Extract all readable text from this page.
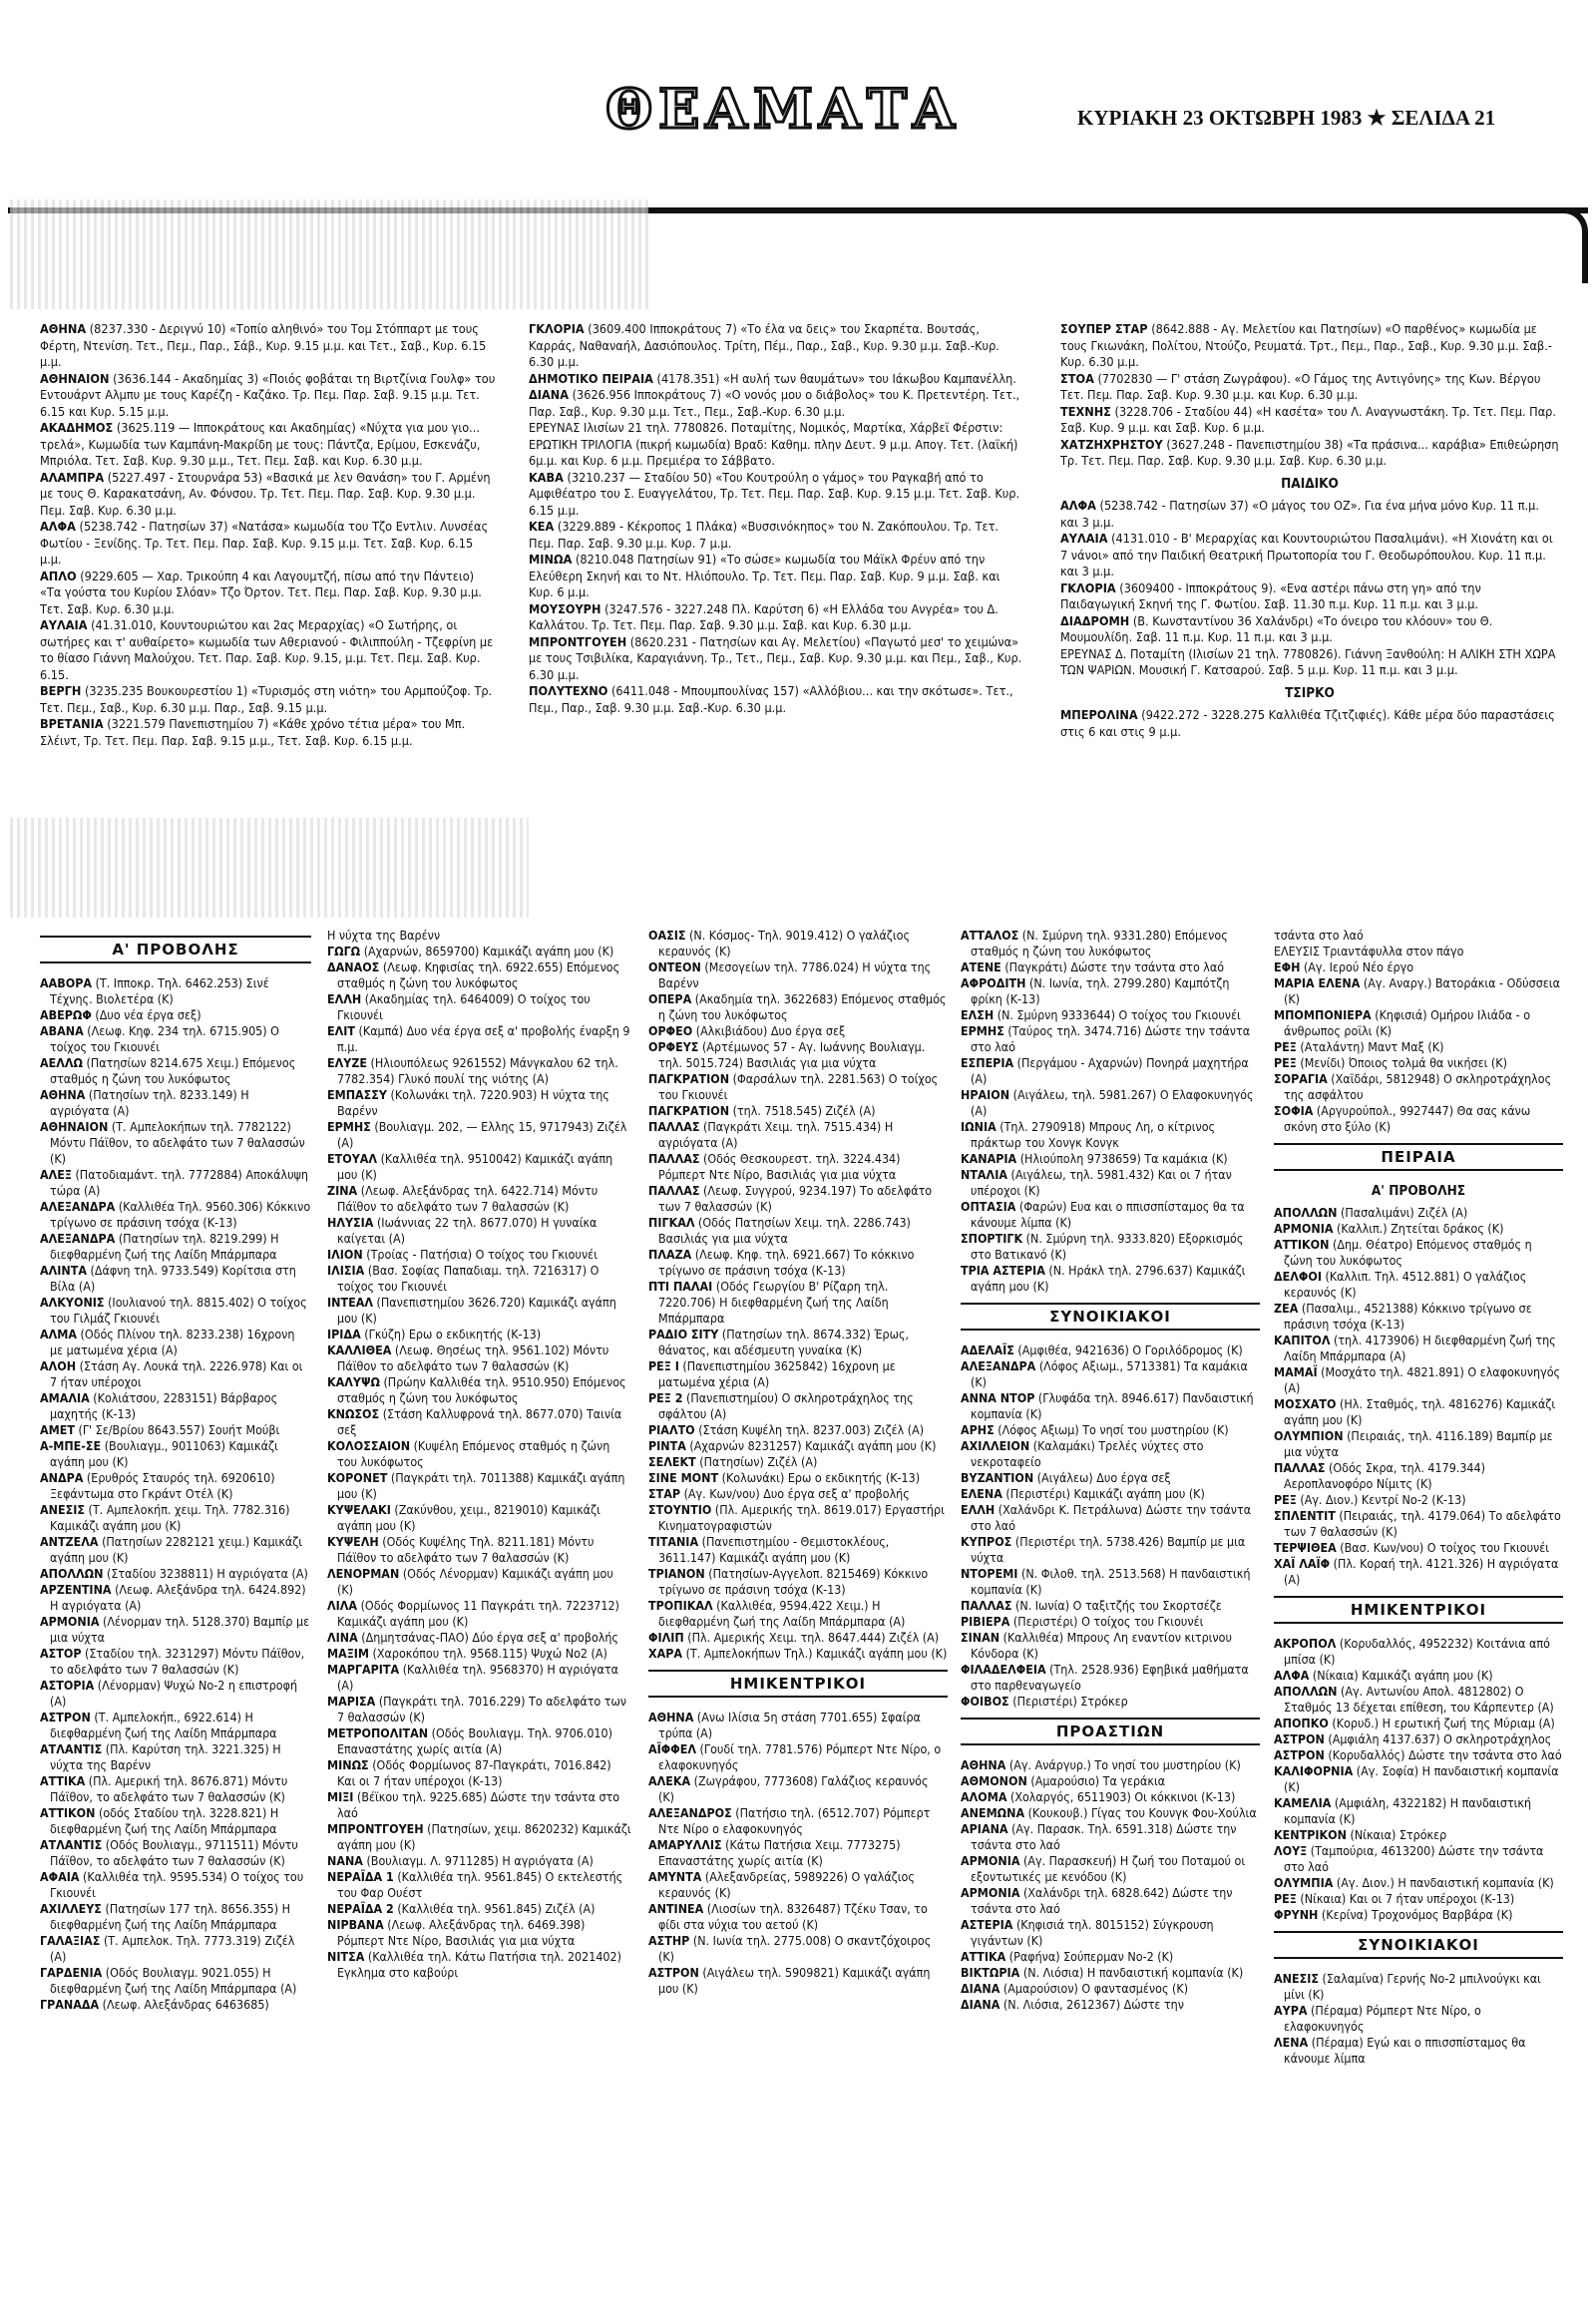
ΘΕΑΜΑΤΑ	ΚΥΡΙΑΚΗ 23 ΟΚΤΩΒΡΗ 1983 ★ ΣΕΛΙΔΑ 21

ΑΘΗΝΑ (8237.330 - Δεριγνύ 10) «Τοπίο αληθινό» του Τομ Στόππαρτ με τους Φέρτη, Ντενίση. Τετ., Πεμ., Παρ., Σάβ., Κυρ. 9.15 μ.μ. και Τετ., Σαβ., Κυρ. 6.15 μ.μ.

ΑΘΗΝΑΙΟΝ (3636.144 - Ακαδημίας 3) «Ποιός φοβάται τη Βιρτζίνια Γουλφ» του Εντουάρντ Αλμπυ με τους Καρέζη - Καζάκο. Τρ. Πεμ. Παρ. Σαβ. 9.15 μ.μ. Τετ. 6.15 και Κυρ. 5.15 μ.μ.

ΑΚΑΔΗΜΟΣ (3625.119 — Ιπποκράτους και Ακαδημίας) «Νύχτα για μου γιο... τρελά», Κωμωδία των Καμπάνη-Μακρίδη με τους: Πάντζα, Ερίμου, Εσκενάζυ, Μπριόλα. Τετ. Σαβ. Κυρ. 9.30 μ.μ., Τετ. Πεμ. Σαβ. και Κυρ. 6.30 μ.μ.

ΑΛΑΜΠΡΑ (5227.497 - Στουρνάρα 53) «Βασικά με λεν Θανάση» του Γ. Αρμένη με τους Θ. Καρακατσάνη, Αν. Φόνσου. Τρ. Τετ. Πεμ. Παρ. Σαβ. Κυρ. 9.30 μ.μ. Πεμ. Σαβ. Κυρ. 6.30 μ.μ.

ΑΛΦΑ (5238.742 - Πατησίων 37) «Νατάσα» κωμωδία του Τζο Εντλιν. Λυνσέας Φωτίου - Ξενίδης. Τρ. Τετ. Πεμ. Παρ. Σαβ. Κυρ. 9.15 μ.μ. Τετ. Σαβ. Κυρ. 6.15 μ.μ.

ΑΠΛΟ (9229.605 — Χαρ. Τρικούπη 4 και Λαγουμτζή, πίσω από την Πάντειο) «Τα γούστα του Κυρίου Σλόαν» Τζο Όρτον. Τετ. Πεμ. Παρ. Σαβ. Κυρ. 9.30 μ.μ. Τετ. Σαβ. Κυρ. 6.30 μ.μ.

ΑΥΛΑΙΑ (41.31.010, Κουντουριώτου και 2ας Μεραρχίας) «Ο Σωτήρης, οι σωτήρες και τ' αυθαίρετο» κωμωδία των Αθεριανού - Φιλιππούλη - Τζεφρίνη με το θίασο Γιάννη Μαλούχου. Τετ. Παρ. Σαβ. Κυρ. 9.15, μ.μ. Τετ. Πεμ. Σαβ. Κυρ. 6.15.

ΒΕΡΓΗ (3235.235 Βουκουρεστίου 1) «Τυρισμός στη νιότη» του Αρμπούζοφ. Τρ. Τετ. Πεμ., Σαβ., Κυρ. 6.30 μ.μ. Παρ., Σαβ. 9.15 μ.μ.

ΒΡΕΤΑΝΙΑ (3221.579 Πανεπιστημίου 7) «Κάθε χρόνο τέτια μέρα» του Μπ. Σλέιντ, Τρ. Τετ. Πεμ. Παρ. Σαβ. 9.15 μ.μ., Τετ. Σαβ. Κυρ. 6.15 μ.μ.

ΓΚΛΟΡΙΑ (3609.400 Ιπποκράτους 7) «Το έλα να δεις» του Σκαρπέτα. Βουτσάς, Καρράς, Ναθαναήλ, Δασιόπουλος. Τρίτη, Πέμ., Παρ., Σαβ., Κυρ. 9.30 μ.μ. Σαβ.-Κυρ. 6.30 μ.μ.

ΔΗΜΟΤΙΚΟ ΠΕΙΡΑΙΑ (4178.351) «Η αυλή των θαυμάτων» του Ιάκωβου Καμπανέλλη.

ΔΙΑΝΑ (3626.956 Ιπποκράτους 7) «Ο νονός μου ο διάβολος» του Κ. Πρετεντέρη. Τετ., Παρ. Σαβ., Κυρ. 9.30 μ.μ. Τετ., Πεμ., Σαβ.-Κυρ. 6.30 μ.μ.

ΕΡΕΥΝΑΣ Ιλισίων 21 τηλ. 7780826. Ποταμίτης, Νομικός, Μαρτίκα, Χάρβεϊ Φέρστιν: ΕΡΩΤΙΚΗ ΤΡΙΛΟΓΙΑ (πικρή κωμωδία) Βραδ: Καθημ. πλην Δευτ. 9 μ.μ. Απογ. Τετ. (λαϊκή) 6μ.μ. και Κυρ. 6 μ.μ. Πρεμιέρα το Σάββατο.

ΚΑΒΑ (3210.237 — Σταδίου 50) «Του Κουτρούλη ο γάμος» του Ραγκαβή από το Αμφιθέατρο του Σ. Ευαγγελάτου, Τρ. Τετ. Πεμ. Παρ. Σαβ. Κυρ. 9.15 μ.μ. Τετ. Σαβ. Κυρ. 6.15 μ.μ.

ΚΕΑ (3229.889 - Κέκροπος 1 Πλάκα) «Βυσσινόκηπος» του Ν. Ζακόπουλου. Τρ. Τετ. Πεμ. Παρ. Σαβ. 9.30 μ.μ. Κυρ. 7 μ.μ.

ΜΙΝΩΑ (8210.048 Πατησίων 91) «Το σώσε» κωμωδία του Μάϊκλ Φρέυν από την Ελεύθερη Σκηνή και το Ντ. Ηλιόπουλο. Τρ. Τετ. Πεμ. Παρ. Σαβ. Κυρ. 9 μ.μ. Σαβ. και Κυρ. 6 μ.μ.

ΜΟΥΣΟΥΡΗ (3247.576 - 3227.248 Πλ. Καρύτση 6) «Η Ελλάδα του Ανγρέα» του Δ. Καλλάτου. Τρ. Τετ. Πεμ. Παρ. Σαβ. 9.30 μ.μ. Σαβ. και Κυρ. 6.30 μ.μ.

ΜΠΡΟΝΤΓΟΥΕΗ (8620.231 - Πατησίων και Αγ. Μελετίου) «Παγωτό μεσ' το χειμώνα» με τους Τσιβιλίκα, Καραγιάννη. Τρ., Τετ., Πεμ., Σαβ. Κυρ. 9.30 μ.μ. και Πεμ., Σαβ., Κυρ. 6.30 μ.μ.

ΠΟΛΥΤΕΧΝΟ (6411.048 - Μπουμπουλίνας 157) «Αλλόβιου... και την σκότωσε». Τετ., Πεμ., Παρ., Σαβ. 9.30 μ.μ. Σαβ.-Κυρ. 6.30 μ.μ.

ΣΟΥΠΕΡ ΣΤΑΡ (8642.888 - Αγ. Μελετίου και Πατησίων) «Ο παρθένος» κωμωδία με τους Γκιωνάκη, Πολίτου, Ντούζο, Ρευματά. Τρτ., Πεμ., Παρ., Σαβ., Κυρ. 9.30 μ.μ. Σαβ.-Κυρ. 6.30 μ.μ.

ΣΤΟΑ (7702830 — Γ' στάση Ζωγράφου). «Ο Γάμος της Αντιγόνης» της Κων. Βέργου Τετ. Πεμ. Παρ. Σαβ. Κυρ. 9.30 μ.μ. και Κυρ. 6.30 μ.μ.

ΤΕΧΝΗΣ (3228.706 - Σταδίου 44) «Η κασέτα» του Λ. Αναγνωστάκη. Τρ. Τετ. Πεμ. Παρ. Σαβ. Κυρ. 9 μ.μ. και Σαβ. Κυρ. 6 μ.μ.

ΧΑΤΖΗΧΡΗΣΤΟΥ (3627.248 - Πανεπιστημίου 38) «Τα πράσινα... καράβια» Επιθεώρηση Τρ. Τετ. Πεμ. Παρ. Σαβ. Κυρ. 9.30 μ.μ. Σαβ. Κυρ. 6.30 μ.μ.

ΠΑΙΔΙΚΟ

ΑΛΦΑ (5238.742 - Πατησίων 37) «Ο μάγος του ΟΖ». Για ένα μήνα μόνο Κυρ. 11 π.μ. και 3 μ.μ.

ΑΥΛΑΙΑ (4131.010 - Β' Μεραρχίας και Κουντουριώτου Πασαλιμάνι). «Η Χιονάτη και οι 7 νάνοι» από την Παιδική Θεατρική Πρωτοπορία του Γ. Θεοδωρόπουλου. Κυρ. 11 π.μ. και 3 μ.μ.

ΓΚΛΟΡΙΑ (3609400 - Ιπποκράτους 9). «Ενα αστέρι πάνω στη γη» από την Παιδαγωγική Σκηνή της Γ. Φωτίου. Σαβ. 11.30 π.μ. Κυρ. 11 π.μ. και 3 μ.μ.

ΔΙΑΔΡΟΜΗ (Β. Κωνσταντίνου 36 Χαλάνδρι) «Το όνειρο του κλόουν» του Θ. Μουμουλίδη. Σαβ. 11 π.μ. Κυρ. 11 π.μ. και 3 μ.μ.

ΕΡΕΥΝΑΣ Δ. Ποταμίτη (Ιλισίων 21 τηλ. 7780826). Γιάννη Ξανθούλη: Η ΑΛΙΚΗ ΣΤΗ ΧΩΡΑ ΤΩΝ ΨΑΡΙΩΝ. Μουσική Γ. Κατσαρού. Σαβ. 5 μ.μ. Κυρ. 11 π.μ. και 3 μ.μ.

ΤΣΙΡΚΟ

ΜΠΕΡΟΛΙΝΑ (9422.272 - 3228.275 Καλλιθέα Τζιτζιφιές). Κάθε μέρα δύο παραστάσεις στις 6 και στις 9 μ.μ.

Α' ΠΡΟΒΟΛΗΣ

ΑΑΒΟΡΑ (Τ. Ιπποκρ. Τηλ. 6462.253) Σινέ Τέχνης. Βιολετέρα (Κ)

ΑΒΕΡΩΦ (Δυο νέα έργα σεξ)

ΑΒΑΝΑ (Λεωφ. Κηφ. 234 τηλ. 6715.905) Ο τοίχος του Γκιουνέι

ΑΕΛΛΩ (Πατησίων 8214.675 Χειμ.) Επόμενος σταθμός η ζώνη του λυκόφωτος

ΑΘΗΝΑ (Πατησίων τηλ. 8233.149) Η αγριόγατα (Α)

ΑΘΗΝΑΙΟΝ (Τ. Αμπελοκήπων τηλ. 7782122) Μόντυ Πάϊθον, το αδελφάτο των 7 θαλασσών (Κ)

ΑΛΕΞ (Πατοδιαμάντ. τηλ. 7772884) Αποκάλυψη τώρα (Α)

ΑΛΕΞΑΝΔΡΑ (Καλλιθέα Τηλ. 9560.306) Κόκκινο τρίγωνο σε πράσινη τσόχα (Κ-13)

ΑΛΕΞΑΝΔΡΑ (Πατησίων τηλ. 8219.299) Η διεφθαρμένη ζωή της Λαίδη Μπάρμπαρα

ΑΛΙΝΤΑ (Δάφνη τηλ. 9733.549) Κορίτσια στη Βίλα (Α)

ΑΛΚΥΟΝΙΣ (Ιουλιανού τηλ. 8815.402) Ο τοίχος του Γιλμάζ Γκιουνέι

ΑΛΜΑ (Οδός Πλίνου τηλ. 8233.238) 16χρονη με ματωμένα χέρια (Α)

ΑΛΟΗ (Στάση Αγ. Λουκά τηλ. 2226.978) Και οι 7 ήταν υπέροχοι

ΑΜΑΛΙΑ (Κολιάτσου, 2283151) Βάρβαρος μαχητής (Κ-13)

ΑΜΕΤ (Γ' Σε/Βρίου 8643.557) Σουήτ Μούβι

Α-ΜΠΕ-ΣΕ (Βουλιαγμ., 9011063) Καμικάζι αγάπη μου (Κ)

ΑΝΔΡΑ (Ερυθρός Σταυρός τηλ. 6920610) Ξεφάντωμα στο Γκράντ Οτέλ (Κ)

ΑΝΕΣΙΣ (Τ. Αμπελοκήπ. χειμ. Τηλ. 7782.316) Καμικάζι αγάπη μου (Κ)

ΑΝΤΖΕΛΑ (Πατησίων 2282121 χειμ.) Καμικάζι αγάπη μου (Κ)

ΑΠΟΛΛΩΝ (Σταδίου 3238811) Η αγριόγατα (Α)

ΑΡΖΕΝΤΙΝΑ (Λεωφ. Αλεξάνδρα τηλ. 6424.892) Η αγριόγατα (Α)

ΑΡΜΟΝΙΑ (Λένορμαν τηλ. 5128.370) Βαμπίρ με μια νύχτα

ΑΣΤΟΡ (Σταδίου τηλ. 3231297) Μόντυ Πάϊθον, το αδελφάτο των 7 θαλασσών (Κ)

ΑΣΤΟΡΙΑ (Λένορμαν) Ψυχώ Νο-2 η επιστροφή (Α)

ΑΣΤΡΟΝ (Τ. Αμπελοκήπ., 6922.614) Η διεφθαρμένη ζωή της Λαίδη Μπάρμπαρα

ΑΤΛΑΝΤΙΣ (Πλ. Καρύτση τηλ. 3221.325) Η νύχτα της Βαρένν

ΑΤΤΙΚΑ (Πλ. Αμερική τηλ. 8676.871) Μόντυ Πάϊθον, το αδελφάτο των 7 θαλασσών (Κ)

ΑΤΤΙΚΟΝ (οδός Σταδίου τηλ. 3228.821) Η διεφθαρμένη ζωή της Λαίδη Μπάρμπαρα

ΑΤΛΑΝΤΙΣ (Οδός Βουλιαγμ., 9711511) Μόντυ Πάϊθον, το αδελφάτο των 7 θαλασσών (Κ)

ΑΦΑΙΑ (Καλλιθέα τηλ. 9595.534) Ο τοίχος του Γκιουνέι

ΑΧΙΛΛΕΥΣ (Πατησίων 177 τηλ. 8656.355) Η διεφθαρμένη ζωή της Λαίδη Μπάρμπαρα

ΓΑΛΑΞΙΑΣ (Τ. Αμπελοκ. Τηλ. 7773.319) Ζιζέλ (Α)

ΓΑΡΔΕΝΙΑ (Οδός Βουλιαγμ. 9021.055) Η διεφθαρμένη ζωή της Λαίδη Μπάρμπαρα (Α)

ΓΡΑΝΑΔΑ (Λεωφ. Αλεξάνδρας 6463685)

Η νύχτα της Βαρένν

ΓΩΓΩ (Αχαρνών, 8659700) Καμικάζι αγάπη μου (Κ)

ΔΑΝΑΟΣ (Λεωφ. Κηφισίας τηλ. 6922.655) Επόμενος σταθμός η ζώνη του λυκόφωτος

ΕΛΛΗ (Ακαδημίας τηλ. 6464009) Ο τοίχος του Γκιουνέι

ΕΛΙΤ (Καμπά) Δυο νέα έργα σεξ α' προβολής έναρξη 9 π.μ.

ΕΛΥΖΕ (Ηλιουπόλεως 9261552) Μάνγκαλου 62 τηλ. 7782.354) Γλυκό πουλί της νιότης (Α)

ΕΜΠΑΣΣΥ (Κολωνάκι τηλ. 7220.903) Η νύχτα της Βαρένν

ΕΡΜΗΣ (Βουλιαγμ. 202, — Ελλης 15, 9717943) Ζιζέλ (Α)

ΕΤΟΥΑΛ (Καλλιθέα τηλ. 9510042) Καμικάζι αγάπη μου (Κ)

ΖΙΝΑ (Λεωφ. Αλεξάνδρας τηλ. 6422.714) Μόντυ Πάϊθον το αδελφάτο των 7 θαλασσών (Κ)

ΗΛΥΣΙΑ (Ιωάννιας 22 τηλ. 8677.070) Η γυναίκα καίγεται (Α)

ΙΛΙΟΝ (Τροίας - Πατήσια) Ο τοίχος του Γκιουνέι

ΙΛΙΣΙΑ (Βασ. Σοφίας Παπαδιαμ. τηλ. 7216317) Ο τοίχος του Γκιουνέι

ΙΝΤΕΑΛ (Πανεπιστημίου 3626.720) Καμικάζι αγάπη μου (Κ)

ΙΡΙΔΑ (Γκύζη) Ερω ο εκδικητής (Κ-13)

ΚΑΛΛΙΘΕΑ (Λεωφ. Θησέως τηλ. 9561.102) Μόντυ Πάϊθον το αδελφάτο των 7 θαλασσών (Κ)

ΚΑΛΥΨΩ (Πρώην Καλλιθέα τηλ. 9510.950) Επόμενος σταθμός η ζώνη του λυκόφωτος

ΚΝΩΣΟΣ (Στάση Καλλυφρονά τηλ. 8677.070) Ταινία σεξ

ΚΟΛΟΣΣΑΙΟΝ (Κυψέλη Επόμενος σταθμός η ζώνη του λυκόφωτος

ΚΟΡΟΝΕΤ (Παγκράτι τηλ. 7011388) Καμικάζι αγάπη μου (Κ)

ΚΥΨΕΛΑΚΙ (Ζακύνθου, χειμ., 8219010) Καμικάζι αγάπη μου (Κ)

ΚΥΨΕΛΗ (Οδός Κυψέλης Τηλ. 8211.181) Μόντυ Πάϊθον το αδελφάτο των 7 θαλασσών (Κ)

ΛΕΝΟΡΜΑΝ (Οδός Λένορμαν) Καμικάζι αγάπη μου (Κ)

ΛΙΛΑ (Οδός Φορμίωνος 11 Παγκράτι τηλ. 7223712) Καμικάζι αγάπη μου (Κ)

ΛΙΝΑ (Δημητσάνας-ΠΑΟ) Δύο έργα σεξ α' προβολής

ΜΑΞΙΜ (Χαροκόπου τηλ. 9568.115) Ψυχώ Νο2 (Α)

ΜΑΡΓΑΡΙΤΑ (Καλλιθέα τηλ. 9568370) Η αγριόγατα (Α)

ΜΑΡΙΣΑ (Παγκράτι τηλ. 7016.229) Το αδελφάτο των 7 θαλασσών (Κ)

ΜΕΤΡΟΠΟΛΙΤΑΝ (Οδός Βουλιαγμ. Τηλ. 9706.010) Επαναστάτης χωρίς αιτία (Α)

ΜΙΝΩΣ (Οδός Φορμίωνος 87-Παγκράτι, 7016.842) Και οι 7 ήταν υπέροχοι (Κ-13)

ΜΙΞΙ (Βέϊκου τηλ. 9225.685) Δώστε την τσάντα στο λαό

ΜΠΡΟΝΤΓΟΥΕΗ (Πατησίων, χειμ. 8620232) Καμικάζι αγάπη μου (Κ)

ΝΑΝΑ (Βουλιαγμ. Λ. 9711285) Η αγριόγατα (Α)

ΝΕΡΑΪΔΑ 1 (Καλλιθέα τηλ. 9561.845) Ο εκτελεστής του Φαρ Ουέστ

ΝΕΡΑΪΔΑ 2 (Καλλιθέα τηλ. 9561.845) Ζιζέλ (Α)

ΝΙΡΒΑΝΑ (Λεωφ. Αλεξάνδρας τηλ. 6469.398) Ρόμπερτ Ντε Νίρο, Βασιλιάς για μια νύχτα

ΝΙΤΣΑ (Καλλιθέα τηλ. Κάτω Πατήσια τηλ. 2021402) Εγκλημα στο καβούρι

ΟΑΣΙΣ (Ν. Κόσμος- Τηλ. 9019.412) Ο γαλάζιος κεραυνός (Κ)

ΟΝΤΕΟΝ (Μεσογείων τηλ. 7786.024) Η νύχτα της Βαρένν

ΟΠΕΡΑ (Ακαδημία τηλ. 3622683) Επόμενος σταθμός η ζώνη του λυκόφωτος

ΟΡΦΕΟ (Αλκιβιάδου) Δυο έργα σεξ

ΟΡΦΕΥΣ (Αρτέμωνος 57 - Αγ. Ιωάννης Βουλιαγμ. τηλ. 5015.724) Βασιλιάς για μια νύχτα

ΠΑΓΚΡΑΤΙΟΝ (Φαρσάλων τηλ. 2281.563) Ο τοίχος του Γκιουνέι

ΠΑΓΚΡΑΤΙΟΝ (τηλ. 7518.545) Ζιζέλ (Α)

ΠΑΛΛΑΣ (Παγκράτι Χειμ. τηλ. 7515.434) Η αγριόγατα (Α)

ΠΑΛΛΑΣ (Οδός Θεσκουρεστ. τηλ. 3224.434) Ρόμπερτ Ντε Νίρο, Βασιλιάς για μια νύχτα

ΠΑΛΛΑΣ (Λεωφ. Συγγρού, 9234.197) Το αδελφάτο των 7 θαλασσών (Κ)

ΠΙΓΚΑΛ (Οδός Πατησίων Χειμ. τηλ. 2286.743) Βασιλιάς για μια νύχτα

ΠΛΑΖΑ (Λεωφ. Κηφ. τηλ. 6921.667) Το κόκκινο τρίγωνο σε πράσινη τσόχα (Κ-13)

ΠΤΙ ΠΑΛΑΙ (Οδός Γεωργίου Β' Ρίζαρη τηλ. 7220.706) Η διεφθαρμένη ζωή της Λαίδη Μπάρμπαρα

ΡΑΔΙΟ ΣΙΤΥ (Πατησίων τηλ. 8674.332) Έρως, θάνατος, και αδέσμευτη γυναίκα (Κ)

ΡΕΞ Ι (Πανεπιστημίου 3625842) 16χρονη με ματωμένα χέρια (Α)

ΡΕΞ 2 (Πανεπιστημίου) Ο σκληροτράχηλος της σφάλτου (Α)

ΡΙΑΛΤΟ (Στάση Κυψέλη τηλ. 8237.003) Ζιζέλ (Α)

ΡΙΝΤΑ (Αχαρνών 8231257) Καμικάζι αγάπη μου (Κ)

ΣΕΛΕΚΤ (Πατησίων) Ζιζέλ (Α)

ΣΙΝΕ ΜΟΝΤ (Κολωνάκι) Ερω ο εκδικητής (Κ-13)

ΣΤΑΡ (Αγ. Κων/νου) Δυο έργα σεξ α' προβολής

ΣΤΟΥΝΤΙΟ (Πλ. Αμερικής τηλ. 8619.017) Εργαστήρι Κινηματογραφιστών

ΤΙΤΑΝΙΑ (Πανεπιστημίου - Θεμιστοκλέους, 3611.147) Καμικάζι αγάπη μου (Κ)

ΤΡΙΑΝΟΝ (Πατησίων-Αγγελοπ. 8215469) Κόκκινο τρίγωνο σε πράσινη τσόχα (Κ-13)

ΤΡΟΠΙΚΑΛ (Καλλιθέα, 9594.422 Χειμ.) Η διεφθαρμένη ζωή της Λαίδη Μπάρμπαρα (Α)

ΦΙΛΙΠ (Πλ. Αμερικής Χειμ. τηλ. 8647.444) Ζιζέλ (Α)

ΧΑΡΑ (Τ. Αμπελοκήπων Τηλ.) Καμικάζι αγάπη μου (Κ)

ΗΜΙΚΕΝΤΡΙΚΟΙ

ΑΘΗΝΑ (Ανω Ιλίσια 5η στάση 7701.655) Σφαίρα τρύπα (Α)

ΑΪΦΦΕΛ (Γουδί τηλ. 7781.576) Ρόμπερτ Ντε Νίρο, ο ελαφοκυνηγός

ΑΛΕΚΑ (Ζωγράφου, 7773608) Γαλάζιος κεραυνός (Κ)

ΑΛΕΞΑΝΔΡΟΣ (Πατήσιο τηλ. (6512.707) Ρόμπερτ Ντε Νίρο ο ελαφοκυνηγός

ΑΜΑΡΥΛΛΙΣ (Κάτω Πατήσια Χειμ. 7773275) Επαναστάτης χωρίς αιτία (Κ)

ΑΜΥΝΤΑ (Αλεξανδρείας, 5989226) Ο γαλάζιος κεραυνός (Κ)

ΑΝΤΙΝΕΑ (Λιοσίων τηλ. 8326487) Τζέκυ Τσαν, το φίδι στα νύχια του αετού (Κ)

ΑΣΤΗΡ (Ν. Ιωνία τηλ. 2775.008) Ο σκαντζόχοιρος (Κ)

ΑΣΤΡΟΝ (Αιγάλεω τηλ. 5909821) Καμικάζι αγάπη μου (Κ)

ΑΤΤΑΛΟΣ (Ν. Σμύρνη τηλ. 9331.280) Επόμενος σταθμός η ζώνη του λυκόφωτος

ΑΤΕΝΕ (Παγκράτι) Δώστε την τσάντα στο λαό

ΑΦΡΟΔΙΤΗ (Ν. Ιωνία, τηλ. 2799.280) Καμπότζη φρίκη (Κ-13)

ΕΛΣΗ (Ν. Σμύρνη 9333644) Ο τοίχος του Γκιουνέι

ΕΡΜΗΣ (Ταύρος τηλ. 3474.716) Δώστε την τσάντα στο λαό

ΕΣΠΕΡΙΑ (Περγάμου - Αχαρνών) Πονηρά μαχητήρα (Α)

ΗΡΑΙΟΝ (Αιγάλεω, τηλ. 5981.267) Ο Ελαφοκυνηγός (Α)

ΙΩΝΙΑ (Τηλ. 2790918) Μπρους Λη, ο κίτρινος πράκτωρ του Χονγκ Κονγκ

ΚΑΝΑΡΙΑ (Ηλιούπολη 9738659) Τα καμάκια (Κ)

ΝΤΑΛΙΑ (Αιγάλεω, τηλ. 5981.432) Και οι 7 ήταν υπέροχοι (Κ)

ΟΠΤΑΣΙΑ (Φαρών) Ευα και ο ππισσπίσταμος θα τα κάνουμε λίμπα (Κ)

ΣΠΟΡΤΙΓΚ (Ν. Σμύρνη τηλ. 9333.820) Εξορκισμός στο Βατικανό (Κ)

ΤΡΙΑ ΑΣΤΕΡΙΑ (Ν. Ηράκλ τηλ. 2796.637) Καμικάζι αγάπη μου (Κ)

ΣΥΝΟΙΚΙΑΚΟΙ

ΑΔΕΛΑΪΣ (Αμφιθέα, 9421636) Ο Γοριλόδρομος (Κ)

ΑΛΕΞΑΝΔΡΑ (Λόφος Αξιωμ., 5713381) Τα καμάκια (Κ)

ΑΝΝΑ ΝΤΟΡ (Γλυφάδα τηλ. 8946.617) Πανδαιστική κομπανία (Κ)

ΑΡΗΣ (Λόφος Αξιωμ) Το νησί του μυστηρίου (Κ)

ΑΧΙΛΛΕΙΟΝ (Καλαμάκι) Τρελές νύχτες στο νεκροταφείο

ΒΥΖΑΝΤΙΟΝ (Αιγάλεω) Δυο έργα σεξ

ΕΛΕΝΑ (Περιστέρι) Καμικάζι αγάπη μου (Κ)

ΕΛΛΗ (Χαλάνδρι Κ. Πετράλωνα) Δώστε την τσάντα στο λαό

ΚΥΠΡΟΣ (Περιστέρι τηλ. 5738.426) Βαμπίρ με μια νύχτα

ΝΤΟΡΕΜΙ (Ν. Φιλοθ. τηλ. 2513.568) Η πανδαιστική κομπανία (Κ)

ΠΑΛΛΑΣ (Ν. Ιωνία) Ο ταξιτζής του Σκορτσέζε

ΡΙΒΙΕΡΑ (Περιστέρι) Ο τοίχος του Γκιουνέι

ΣΙΝΑΝ (Καλλιθέα) Μπρους Λη εναντίον κιτρινου Κόνδορα (Κ)

ΦΙΛΑΔΕΛΦΕΙΑ (Τηλ. 2528.936) Εφηβικά μαθήματα στο παρθεναγωγείο

ΦΟΙΒΟΣ (Περιστέρι) Στρόκερ

ΠΡΟΑΣΤΙΩΝ

ΑΘΗΝΑ (Αγ. Ανάργυρ.) Το νησί του μυστηρίου (Κ)

ΑΘΜΟΝΟΝ (Αμαρούσιο) Τα γεράκια

ΑΛΟΜΑ (Χολαργός, 6511903) Οι κόκκινοι (Κ-13)

ΑΝΕΜΩΝΑ (Κουκουβ.) Γίγας του Κουνγκ Φου-Χούλια

ΑΡΙΑΝΑ (Αγ. Παρασκ. Τηλ. 6591.318) Δώστε την τσάντα στο λαό

ΑΡΜΟΝΙΑ (Αγ. Παρασκευή) Η ζωή του Ποταμού οι εξοντωτικές με κενόδου (Κ)

ΑΡΜΟΝΙΑ (Χαλάνδρι τηλ. 6828.642) Δώστε την τσάντα στο λαό

ΑΣΤΕΡΙΑ (Κηφισιά τηλ. 8015152) Σύγκρουση γιγάντων (Κ)

ΑΤΤΙΚΑ (Ραφήνα) Σούπερμαν Νο-2 (Κ)

ΒΙΚΤΩΡΙΑ (Ν. Λιόσια) Η πανδαιστική κομπανία (Κ)

ΔΙΑΝΑ (Αμαρούσιον) Ο φαντασμένος (Κ)

ΔΙΑΝΑ (Ν. Λιόσια, 2612367) Δώστε την

τσάντα στο λαό

ΕΛΕΥΣΙΣ Τριαντάφυλλα στον πάγο

ΕΦΗ (Αγ. Ιερού Νέο έργο

ΜΑΡΙΑ ΕΛΕΝΑ (Αγ. Αναργ.) Βατοράκια - Οδύσσεια (Κ)

ΜΠΟΜΠΟΝΙΕΡΑ (Κηφισιά) Ομήρου Ιλιάδα - ο άνθρωπος ροϊλι (Κ)

ΡΕΞ (Αταλάντη) Μαντ Μαξ (Κ)

ΡΕΞ (Μενίδι) Όποιος τολμά θα νικήσει (Κ)

ΣΟΡΑΓΙΑ (Χαϊδάρι, 5812948) Ο σκληροτράχηλος της ασφάλτου

ΣΟΦΙΑ (Αργυρούπολ., 9927447) Θα σας κάνω σκόνη στο ξύλο (Κ)

ΠΕΙΡΑΙΑ
Α' ΠΡΟΒΟΛΗΣ

ΑΠΟΛΛΩΝ (Πασαλιμάνι) Ζιζέλ (Α)

ΑΡΜΟΝΙΑ (Καλλιπ.) Ζητείται δράκος (Κ)

ΑΤΤΙΚΟΝ (Δημ. Θέατρο) Επόμενος σταθμός η ζώνη του λυκόφωτος

ΔΕΛΦΟΙ (Καλλιπ. Τηλ. 4512.881) Ο γαλάζιος κεραυνός (Κ)

ΖΕΑ (Πασαλιμ., 4521388) Κόκκινο τρίγωνο σε πράσινη τσόχα (Κ-13)

ΚΑΠΙΤΟΛ (τηλ. 4173906) Η διεφθαρμένη ζωή της Λαίδη Μπάρμπαρα (Α)

ΜΑΜΑΪ (Μοσχάτο τηλ. 4821.891) Ο ελαφοκυνηγός (Α)

ΜΟΣΧΑΤΟ (Ηλ. Σταθμός, τηλ. 4816276) Καμικάζι αγάπη μου (Κ)

ΟΛΥΜΠΙΟΝ (Πειραιάς, τηλ. 4116.189) Βαμπίρ με μια νύχτα

ΠΑΛΛΑΣ (Οδός Σκρα, τηλ. 4179.344) Αεροπλανοφόρο Νίμιτς (Κ)

ΡΕΞ (Αγ. Διον.) Κεντρί Νο-2 (Κ-13)

ΣΠΛΕΝΤΙΤ (Πειραιάς, τηλ. 4179.064) Το αδελφάτο των 7 θαλασσών (Κ)

ΤΕΡΨΙΘΕΑ (Βασ. Κων/νου) Ο τοίχος του Γκιουνέι

ΧΑΪ ΛΑΪΦ (Πλ. Κοραή τηλ. 4121.326) Η αγριόγατα (Α)

ΗΜΙΚΕΝΤΡΙΚΟΙ

ΑΚΡΟΠΟΛ (Κορυδαλλός, 4952232) Κοιτάνια από μπίσα (Κ)

ΑΛΦΑ (Νίκαια) Καμικάζι αγάπη μου (Κ)

ΑΠΟΛΛΩΝ (Αγ. Αντωνίου Απολ. 4812802) Ο Σταθμός 13 δέχεται επίθεση, του Κάρπεντερ (Α)

ΑΠΟΠΚΟ (Κορυδ.) Η ερωτική ζωή της Μύριαμ (Α)

ΑΣΤΡΟΝ (Αμφιάλη 4137.637) Ο σκληροτράχηλος

ΑΣΤΡΟΝ (Κορυδαλλός) Δώστε την τσάντα στο λαό

ΚΑΛΙΦΟΡΝΙΑ (Αγ. Σοφία) Η πανδαιστική κομπανία (Κ)

ΚΑΜΕΛΙΑ (Αμφιάλη, 4322182) Η πανδαιστική κομπανία (Κ)

ΚΕΝΤΡΙΚΟΝ (Νίκαια) Στρόκερ

ΛΟΥΞ (Ταμπούρια, 4613200) Δώστε την τσάντα στο λαό

ΟΛΥΜΠΙΑ (Αγ. Διον.) Η πανδαιστική κομπανία (Κ)

ΡΕΞ (Νίκαια) Και οι 7 ήταν υπέροχοι (Κ-13)

ΦΡΥΝΗ (Κερίνα) Τροχονόμος Βαρβάρα (Κ)

ΣΥΝΟΙΚΙΑΚΟΙ

ΑΝΕΣΙΣ (Σαλαμίνα) Γερνής Νο-2 μπιλνούγκι και μίνι (Κ)

ΑΥΡΑ (Πέραμα) Ρόμπερτ Ντε Νίρο, ο ελαφοκυνηγός

ΛΕΝΑ (Πέραμα) Εγώ και ο ππισσπίσταμος θα κάνουμε λίμπα
